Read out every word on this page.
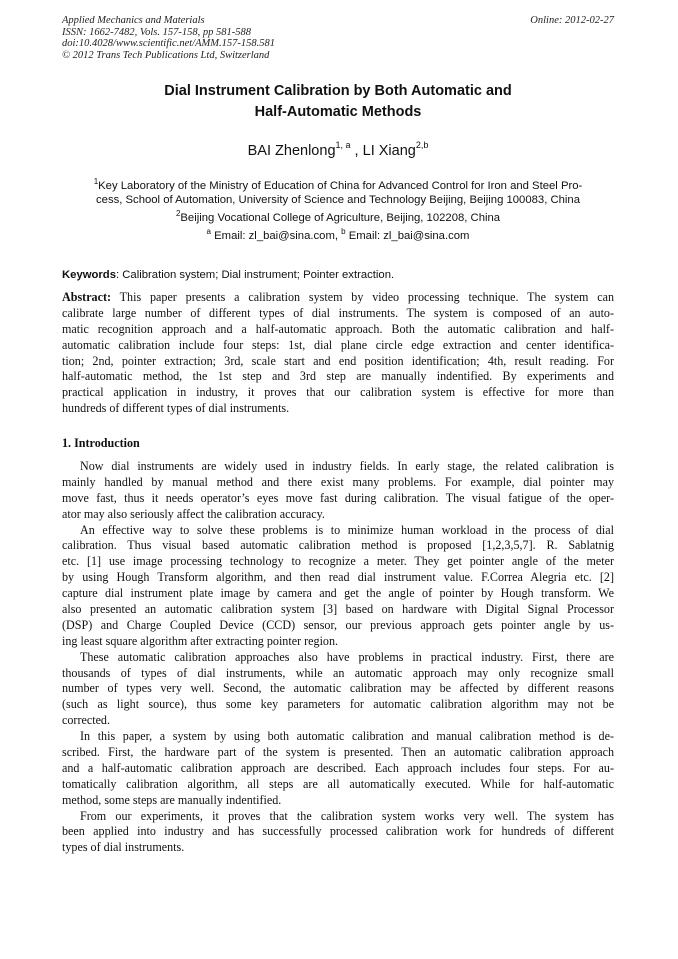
Applied Mechanics and Materials
ISSN: 1662-7482, Vols. 157-158, pp 581-588
doi:10.4028/www.scientific.net/AMM.157-158.581
© 2012 Trans Tech Publications Ltd, Switzerland
Online: 2012-02-27
Dial Instrument Calibration by Both Automatic and
Half-Automatic Methods
BAI Zhenlong$^{1, a}$ , LI Xiang$^{2,b}$
$^1$Key Laboratory of the Ministry of Education of China for Advanced Control for Iron and Steel Pro-
cess, School of Automation, University of Science and Technology Beijing, Beijing 100083, China
$^2$Beijing Vocational College of Agriculture, Beijing, 102208, China
$^a$ Email: zl_bai@sina.com, $^b$ Email: zl_bai@sina.com
Keywords: Calibration system; Dial instrument; Pointer extraction.
Abstract: This paper presents a calibration system by video processing technique. The system can
calibrate large number of different types of dial instruments. The system is composed of an auto-
matic recognition approach and a half-automatic approach. Both the automatic calibration and half-
automatic calibration include four steps: 1st, dial plane circle edge extraction and center identifica-
tion; 2nd, pointer extraction; 3rd, scale start and end position identification; 4th, result reading. For
half-automatic method, the 1st step and 3rd step are manually indentified. By experiments and
practical application in industry, it proves that our calibration system is effective for more than
hundreds of different types of dial instruments.
1. Introduction
Now dial instruments are widely used in industry fields. In early stage, the related calibration is
mainly handled by manual method and there exist many problems. For example, dial pointer may
move fast, thus it needs operator’s eyes move fast during calibration. The visual fatigue of the oper-
ator may also seriously affect the calibration accuracy.
An effective way to solve these problems is to minimize human workload in the process of dial
calibration. Thus visual based automatic calibration method is proposed [1,2,3,5,7]. R. Sablatnig
etc. [1] use image processing technology to recognize a meter. They get pointer angle of the meter
by using Hough Transform algorithm, and then read dial instrument value. F.Correa Alegria etc. [2]
capture dial instrument plate image by camera and get the angle of pointer by Hough transform. We
also presented an automatic calibration system [3] based on hardware with Digital Signal Processor
(DSP) and Charge Coupled Device (CCD) sensor, our previous approach gets pointer angle by us-
ing least square algorithm after extracting pointer region.
These automatic calibration approaches also have problems in practical industry. First, there are
thousands of types of dial instruments, while an automatic approach may only recognize small
number of types very well. Second, the automatic calibration may be affected by different reasons
(such as light source), thus some key parameters for automatic calibration algorithm may not be
corrected.
In this paper, a system by using both automatic calibration and manual calibration method is de-
scribed. First, the hardware part of the system is presented. Then an automatic calibration approach
and a half-automatic calibration approach are described. Each approach includes four steps. For au-
tomatically calibration algorithm, all steps are all automatically executed. While for half-automatic
method, some steps are manually indentified.
From our experiments, it proves that the calibration system works very well. The system has
been applied into industry and has successfully processed calibration work for hundreds of different
types of dial instruments.
